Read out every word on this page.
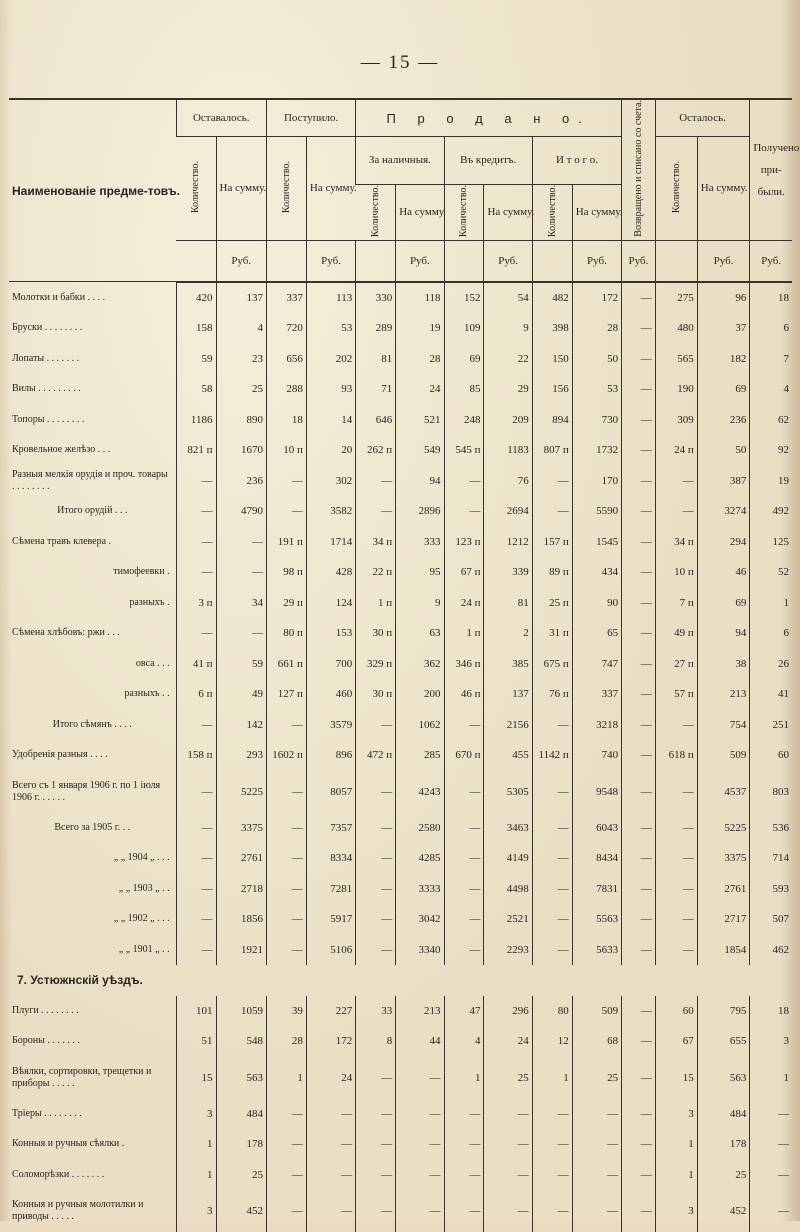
— 15 —
Наименованіе предме-товъ.	Оставалось.		Поступило.		П р о д а н о.						Возвращено и списано со счета.	Осталось.		Получено при-были.
	Количество.	На сумму.	Количество.	На сумму.	За наличныя.		Въ кредитъ.		И т о г о.			Количество.	На сумму.	
					Количество.	На сумму.	Количество.	На сумму.	Количество.	На сумму.				
		Руб.		Руб.		Руб.		Руб.		Руб.	Руб.		Руб.	Руб.
Молотки и бабки . . . .	420	137	337	113	330	118	152	54	482	172	—	275	96	18
Бруски . . . . . . . .	158	4	720	53	289	19	109	9	398	28	—	480	37	6
Лопаты . . . . . . .	59	23	656	202	81	28	69	22	150	50	—	565	182	7
Вилы . . . . . . . . .	58	25	288	93	71	24	85	29	156	53	—	190	69	4
Топоры . . . . . . . .	1186	890	18	14	646	521	248	209	894	730	—	309	236	62
Кровельное желѣзо . . .	821 п	1670	10 п	20	262 п	549	545 п	1183	807 п	1732	—	24 п	50	92
Разныя мелкія орудія и проч. товары . . . . . . . .	—	236	—	302	—	94	—	76	—	170	—	—	387	19
Итого орудій . . .	—	4790	—	3582	—	2896	—	2694	—	5590	—	—	3274	492
Сѣмена травъ клевера .	—	—	191 п	1714	34 п	333	123 п	1212	157 п	1545	—	34 п	294	125
тимофеевки .	—	—	98 п	428	22 п	95	67 п	339	89 п	434	—	10 п	46	52
разныхъ .	3 п	34	29 п	124	1 п	9	24 п	81	25 п	90	—	7 п	69	1
Сѣмена хлѣбовъ: ржи . . .	—	—	80 п	153	30 п	63	1 п	2	31 п	65	—	49 п	94	6
овса . . .	41 п	59	661 п	700	329 п	362	346 п	385	675 п	747	—	27 п	38	26
разныхъ . .	6 п	49	127 п	460	30 п	200	46 п	137	76 п	337	—	57 п	213	41
Итого сѣмянъ . . . .	—	142	—	3579	—	1062	—	2156	—	3218	—	—	754	251
Удобренія разныя . . . .	158 п	293	1602 п	896	472 п	285	670 п	455	1142 п	740	—	618 п	509	60
Всего съ 1 января 1906 г. по 1 іюля 1906 г. . . . . .	—	5225	—	8057	—	4243	—	5305	—	9548	—	—	4537	803
Всего за 1905 г. . .	—	3375	—	7357	—	2580	—	3463	—	6043	—	—	5225	536
„ „ 1904 „ . . .	—	2761	—	8334	—	4285	—	4149	—	8434	—	—	3375	714
„ „ 1903 „ . .	—	2718	—	7281	—	3333	—	4498	—	7831	—	—	2761	593
„ „ 1902 „ . . .	—	1856	—	5917	—	3042	—	2521	—	5563	—	—	2717	507
„ „ 1901 „ . .	—	1921	—	5106	—	3340	—	2293	—	5633	—	—	1854	462
7. Устюжнскій уѣздъ.														
Плуги . . . . . . . .	101	1059	39	227	33	213	47	296	80	509	—	60	795	18
Бороны . . . . . . .	51	548	28	172	8	44	4	24	12	68	—	67	655	3
Вѣялки, сортировки, трещетки и приборы . . . . .	15	563	1	24	—	—	1	25	1	25	—	15	563	1
Тріеры . . . . . . . .	3	484	—	—	—	—	—	—	—	—	—	3	484	—
Конныя и ручныя сѣялки .	1	178	—	—	—	—	—	—	—	—	—	1	178	—
Соломорѣзки . . . . . . .	1	25	—	—	—	—	—	—	—	—	—	1	25	—
Конныя и ручныя молотилки и приводы . . . . .	3	452	—	—	—	—	—	—	—	—	—	3	452	—
